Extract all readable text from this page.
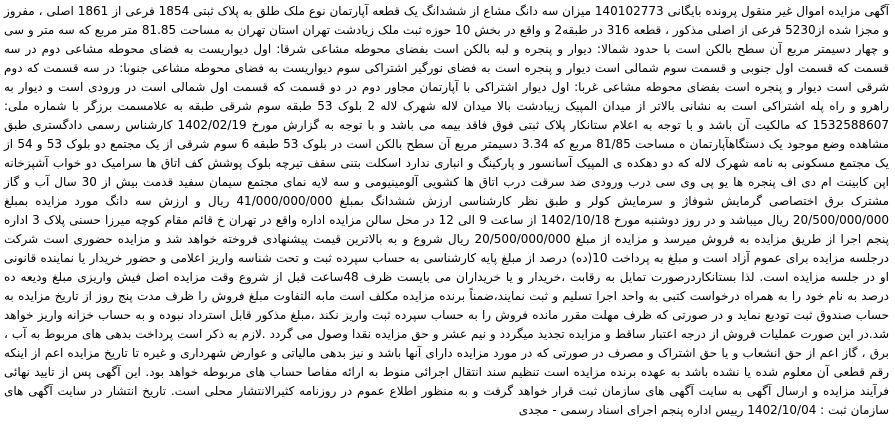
آگهی مزایده اموال غیر منقول پرونده بایگانی 140102773 میزان سه دانگ مشاع از ششدانگ یک قطعه آپارتمان نوع ملک طلق به پلاک ثبتی 1854 فرعی از 1861 اصلی ، مفروز و مجزا شده از5230 فرعی از اصلی مذکور ، قطعه 316 در طبقه2 و واقع در بخش 10 حوزه ثبت ملک زیادشت تهران استان تهران به مساحت 81.85 متر مربع که سه متر و سی و چهار دسیمتر مربع آن سطح بالکن است با حدود شمالا: دیوار و پنجره و لبه بالکن است بفضای محوطه مشاعی شرقا: اول دیواریست به فضای محوطه مشاعی دوم در سه قسمت که قسمت اول جنوبی و قسمت سوم شمالی است دیوار و پنجره است به فضای نورگیر اشتراکی سوم دیواریست به فضای محوطه مشاعی جنوبا: در سه قسمت که دوم شرقی است دیوار و پنجره است بفضای محوطه مشاعی غربا: اول دیوار اشتراکی با آپارتمان مجاور دوم در دو قسمت که قسمت اول شمالی است در ورودی است و دیوار به راهرو و راه پله اشتراکی است به نشانی بالاتر از میدان المپیک زیبادشت بالا میدان لاله شهرک لاله 2 بلوک 53 طبقه سوم شرقی طبقه به علامسمت برزگر با شماره ملی: 1532588607 که مالکیت آن باشد و با توجه به اعلام ستانکار پلاک ثبتی فوق فاقد بیمه می باشد و با توجه به گزارش مورخ 1402/02/19 کارشناس رسمی دادگستری طبق مشاهده وضع موجود یک دستگاهآپارتمان ه مساحت 81/85 مربع که 3.34 دسیمتر مربع آن سطح بالکن است در بلوک 53 طبقه 6 سوم شرقی از یک مجتمع دو بلوک 53 و 54 از یک مجتمع مسکونی به نامه شهرک لاله که دو دهکده ی المپیک آسانسور و پارکینگ و انباری ندارد اسکلت بتنی سقف تیرچه بلوک پوشش کف اتاق ها سرامیک دو خواب آشپزخانه اپن کابینت ام دی اف پنجره ها یو پی وی سی درب ورودی ضد سرقت درب اتاق ها کشویی آلومینیومی و سه لایه نمای مجتمع سیمان سفید قدمت بیش از 30 سال آب و گاز مشترک برق اختصاصی گرمایش شوفاژ و سرمایش کولر و طبق نظر کارشناسی ارزش ششدانگ بمبلغ 41/000/000/000 ریال و ارزش سه دانگ مورد مزایده بمبلغ 20/500/000/000 ریال میباشد و در روز دوشنبه مورخ 1402/10/18 از ساعت 9 الی 12 در محل سالن مزایده اداره واقع در تهران خ قائم مقام کوچه میرزا حسنی پلاک 3 اداره پنجم اجرا از طریق مزایده به فروش میرسد و مزایده از مبلغ 20/500/000/000 ریال شروع و به بالاترین قیمت پیشنهادی فروخته خواهد شد و مزایده حضوری است شرکت درجلسه مزایده برای عموم آزاد است و مبلغ به پرداخت 10(ده) درصد از مبلغ پایه کارشناسی به حساب سپرده ثبت و تحت شناسه واریز اعلامی و حضور خریدار یا نماینده قانونی او در جلسه مزایده است. لذا بستانکاردرصورت تمایل به رقابت ،خریدار و یا خریداران می بایست ظرف 48ساعت قبل از شروع وقت مزایده اصل فیش واریزی مبلغ ودیعه ده درصد به نام خود را به همراه درخواست کتبی به واحد اجرا تسلیم و ثبت نمایند،ضمناً برنده مزایده مکلف است مابه التفاوت مبلغ فروش را ظرف مدت پنج روز از تاریخ مزایده به حساب صندوق ثبت تودیع نماید و در صورتی که ظرف مهلت مقرر مانده فروش را به حساب سپرده ثبت واریز نکند ،مبلغ مذکور قابل استرداد نبوده و به حساب خزانه واریز خواهد شد.در این صورت عملیات فروش از درجه اعتبار ساقط و مزایده تجدید میگردد و نیم عشر و حق مزایده نقدا وصول می گردد .لازم به ذکر است پرداخت بدهی های مربوط به آب ، برق ، گاز اعم از حق انشعاب و یا حق اشتراک و مصرف در صورتی که در مورد مزایده دارای آنها باشد و نیز بدهی مالیاتی و عوارض شهرداری و غیره تا تاریخ مزایده اعم از اینکه رقم قطعی آن معلوم شده یا نشده باشد به عهده برنده مزایده است تنظیم سند انتقال اجرائی منوط به ارائه مفاصا حساب های مربوطه خواهد بود. این آگهی پس از تایید نهائی فرآیند مزایده و ارسال آگهی به سایت آگهی های سازمان ثبت قرار خواهد گرفت و به منظور اطلاع عموم در روزنامه کثیرالانتشار محلی است. تاریخ انتشار در سایت آگهی های سازمان ثبت : 1402/10/04 رییس اداره پنجم اجرای اسناد رسمی - مجدی
